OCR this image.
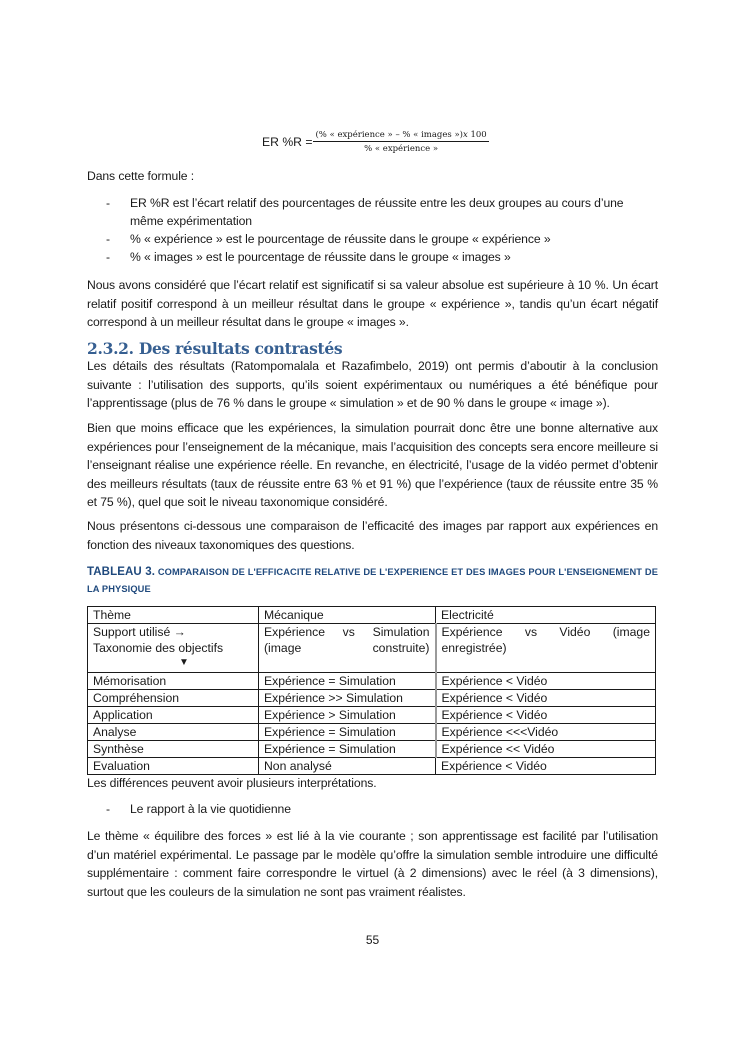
ER $\%R = \frac{\text{(\% « expérience » – \% « images »)x 100}}{\text{\% « expérience »}}$

Dans cette formule :

- ER %R est l’écart relatif des pourcentages de réussite entre les deux groupes au cours d’une même expérimentation
- % « expérience » est le pourcentage de réussite dans le groupe « expérience »
- % « images » est le pourcentage de réussite dans le groupe « images »

Nous avons considéré que l’écart relatif est significatif si sa valeur absolue est supérieure à 10 %. Un écart relatif positif correspond à un meilleur résultat dans le groupe « expérience », tandis qu’un écart négatif correspond à un meilleur résultat dans le groupe « images ».

2.3.2. Des résultats contrastés

Les détails des résultats (Ratompomalala et Razafimbelo, 2019) ont permis d’aboutir à la conclusion suivante : l’utilisation des supports, qu’ils soient expérimentaux ou numériques a été bénéfique pour l’apprentissage (plus de 76 % dans le groupe « simulation » et de 90 % dans le groupe « image »).

Bien que moins efficace que les expériences, la simulation pourrait donc être une bonne alternative aux expériences pour l’enseignement de la mécanique, mais l’acquisition des concepts sera encore meilleure si l’enseignant réalise une expérience réelle. En revanche, en électricité, l’usage de la vidéo permet d’obtenir des meilleurs résultats (taux de réussite entre 63 % et 91 %) que l’expérience (taux de réussite entre 35 % et 75 %), quel que soit le niveau taxonomique considéré.

Nous présentons ci-dessous une comparaison de l’efficacité des images par rapport aux expériences en fonction des niveaux taxonomiques des questions.

TABLEAU 3. COMPARAISON DE L'EFFICACITE RELATIVE DE L'EXPERIENCE ET DES IMAGES POUR L'ENSEIGNEMENT DE LA PHYSIQUE
Thème	Mécanique	Electricité

Support utilisé →
Taxonomie des objectifs
▼	Expérience vs Simulation (image construite)	Expérience vs Vidéo (image enregistrée)
Mémorisation	Expérience = Simulation	Expérience < Vidéo
Compréhension	Expérience >> Simulation	Expérience < Vidéo
Application	Expérience > Simulation	Expérience < Vidéo
Analyse	Expérience = Simulation	Expérience <<<Vidéo
Synthèse	Expérience = Simulation	Expérience << Vidéo
Evaluation	Non analysé	Expérience < Vidéo

Les différences peuvent avoir plusieurs interprétations.

- Le rapport à la vie quotidienne

Le thème « équilibre des forces » est lié à la vie courante ; son apprentissage est facilité par l’utilisation d’un matériel expérimental. Le passage par le modèle qu’offre la simulation semble introduire une difficulté supplémentaire : comment faire correspondre le virtuel (à 2 dimensions) avec le réel (à 3 dimensions), surtout que les couleurs de la simulation ne sont pas vraiment réalistes.

55
